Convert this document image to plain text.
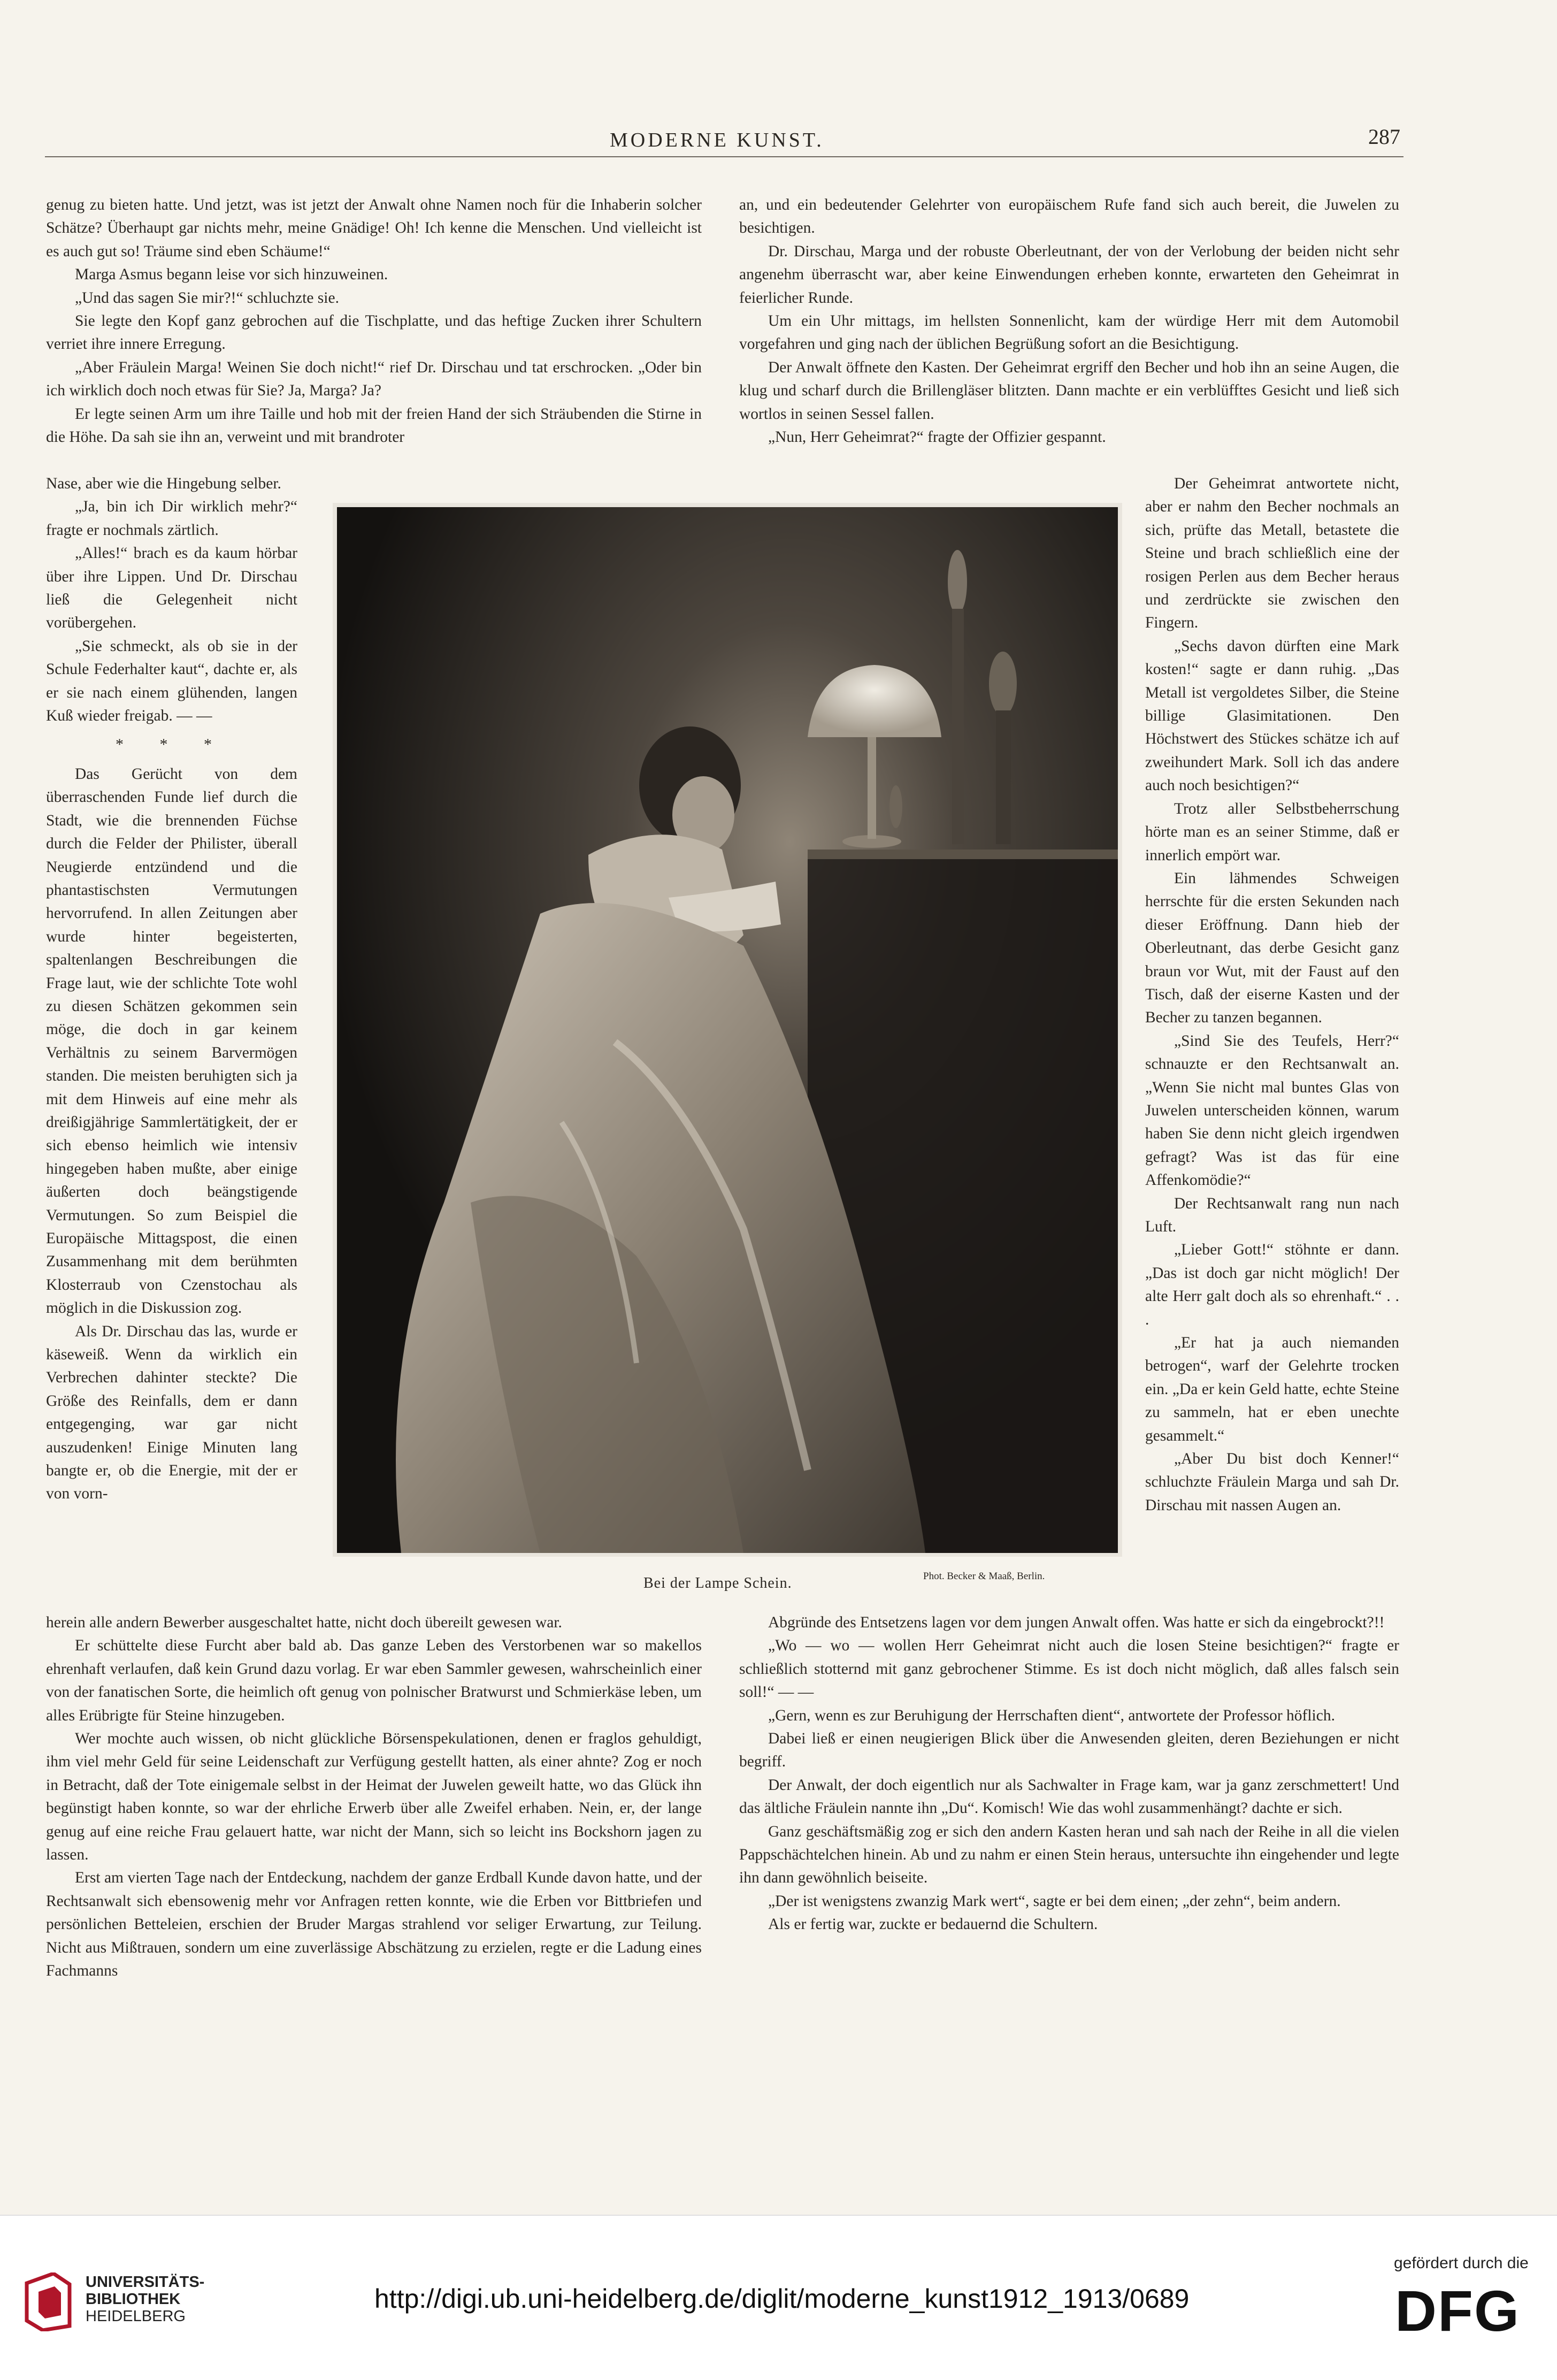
MODERNE KUNST.	287

genug zu bieten hatte. Und jetzt, was ist jetzt der Anwalt ohne Namen noch für die Inhaberin solcher Schätze? Überhaupt gar nichts mehr, meine Gnädige! Oh! Ich kenne die Menschen. Und vielleicht ist es auch gut so! Träume sind eben Schäume!“

Marga Asmus begann leise vor sich hinzuweinen.

„Und das sagen Sie mir?!“ schluchzte sie.

Sie legte den Kopf ganz gebrochen auf die Tischplatte, und das heftige Zucken ihrer Schultern verriet ihre innere Erregung.

„Aber Fräulein Marga! Weinen Sie doch nicht!“ rief Dr. Dirschau und tat erschrocken. „Oder bin ich wirklich doch noch etwas für Sie? Ja, Marga? Ja?

Er legte seinen Arm um ihre Taille und hob mit der freien Hand der sich Sträubenden die Stirne in die Höhe. Da sah sie ihn an, verweint und mit brandroter

Nase, aber wie die Hingebung selber.

„Ja, bin ich Dir wirklich mehr?“ fragte er nochmals zärtlich.

„Alles!“ brach es da kaum hörbar über ihre Lippen. Und Dr. Dirschau ließ die Gelegenheit nicht vorübergehen.

„Sie schmeckt, als ob sie in der Schule Federhalter kaut“, dachte er, als er sie nach einem glühenden, langen Kuß wieder freigab. — —

* * *

Das Gerücht von dem überraschenden Funde lief durch die Stadt, wie die brennenden Füchse durch die Felder der Philister, überall Neugierde entzündend und die phantastischsten Vermutungen hervorrufend. In allen Zeitungen aber wurde hinter begeisterten, spaltenlangen Beschreibungen die Frage laut, wie der schlichte Tote wohl zu diesen Schätzen gekommen sein möge, die doch in gar keinem Verhältnis zu seinem Barvermögen standen. Die meisten beruhigten sich ja mit dem Hinweis auf eine mehr als dreißigjährige Sammlertätigkeit, der er sich ebenso heimlich wie intensiv hingegeben haben mußte, aber einige äußerten doch beängstigende Vermutungen. So zum Beispiel die Europäische Mittagspost, die einen Zusammenhang mit dem berühmten Klosterraub von Czenstochau als möglich in die Diskussion zog.

Als Dr. Dirschau das las, wurde er käseweiß. Wenn da wirklich ein Verbrechen dahinter steckte? Die Größe des Reinfalls, dem er dann entgegenging, war gar nicht auszudenken! Einige Minuten lang bangte er, ob die Energie, mit der er von vorn-

herein alle andern Bewerber ausgeschaltet hatte, nicht doch übereilt gewesen war.

Er schüttelte diese Furcht aber bald ab. Das ganze Leben des Verstorbenen war so makellos ehrenhaft verlaufen, daß kein Grund dazu vorlag. Er war eben Sammler gewesen, wahrscheinlich einer von der fanatischen Sorte, die heimlich oft genug von polnischer Bratwurst und Schmierkäse leben, um alles Erübrigte für Steine hinzugeben.

Wer mochte auch wissen, ob nicht glückliche Börsenspekulationen, denen er fraglos gehuldigt, ihm viel mehr Geld für seine Leidenschaft zur Verfügung gestellt hatten, als einer ahnte? Zog er noch in Betracht, daß der Tote einigemale selbst in der Heimat der Juwelen geweilt hatte, wo das Glück ihn begünstigt haben konnte, so war der ehrliche Erwerb über alle Zweifel erhaben. Nein, er, der lange genug auf eine reiche Frau gelauert hatte, war nicht der Mann, sich so leicht ins Bockshorn jagen zu lassen.

Erst am vierten Tage nach der Entdeckung, nachdem der ganze Erdball Kunde davon hatte, und der Rechtsanwalt sich ebensowenig mehr vor Anfragen retten konnte, wie die Erben vor Bittbriefen und persönlichen Betteleien, erschien der Bruder Margas strahlend vor seliger Erwartung, zur Teilung. Nicht aus Mißtrauen, sondern um eine zuverlässige Abschätzung zu erzielen, regte er die Ladung eines Fachmanns

an, und ein bedeutender Gelehrter von europäischem Rufe fand sich auch bereit, die Juwelen zu besichtigen.

Dr. Dirschau, Marga und der robuste Oberleutnant, der von der Verlobung der beiden nicht sehr angenehm überrascht war, aber keine Einwendungen erheben konnte, erwarteten den Geheimrat in feierlicher Runde.

Um ein Uhr mittags, im hellsten Sonnenlicht, kam der würdige Herr mit dem Automobil vorgefahren und ging nach der üblichen Begrüßung sofort an die Besichtigung.

Der Anwalt öffnete den Kasten. Der Geheimrat ergriff den Becher und hob ihn an seine Augen, die klug und scharf durch die Brillengläser blitzten. Dann machte er ein verblüfftes Gesicht und ließ sich wortlos in seinen Sessel fallen.

„Nun, Herr Geheimrat?“ fragte der Offizier gespannt.

Der Geheimrat antwortete nicht, aber er nahm den Becher nochmals an sich, prüfte das Metall, betastete die Steine und brach schließlich eine der rosigen Perlen aus dem Becher heraus und zerdrückte sie zwischen den Fingern.

„Sechs davon dürften eine Mark kosten!“ sagte er dann ruhig. „Das Metall ist vergoldetes Silber, die Steine billige Glasimitationen. Den Höchstwert des Stückes schätze ich auf zweihundert Mark. Soll ich das andere auch noch besichtigen?“

Trotz aller Selbstbeherrschung hörte man es an seiner Stimme, daß er innerlich empört war.

Ein lähmendes Schweigen herrschte für die ersten Sekunden nach dieser Eröffnung. Dann hieb der Oberleutnant, das derbe Gesicht ganz braun vor Wut, mit der Faust auf den Tisch, daß der eiserne Kasten und der Becher zu tanzen begannen.

„Sind Sie des Teufels, Herr?“ schnauzte er den Rechtsanwalt an. „Wenn Sie nicht mal buntes Glas von Juwelen unterscheiden können, warum haben Sie denn nicht gleich irgendwen gefragt? Was ist das für eine Affenkomödie?“

Der Rechtsanwalt rang nun nach Luft.

„Lieber Gott!“ stöhnte er dann. „Das ist doch gar nicht möglich! Der alte Herr galt doch als so ehrenhaft.“ . . .

„Er hat ja auch niemanden betrogen“, warf der Gelehrte trocken ein. „Da er kein Geld hatte, echte Steine zu sammeln, hat er eben unechte gesammelt.“

„Aber Du bist doch Kenner!“ schluchzte Fräulein Marga und sah Dr. Dirschau mit nassen Augen an.

Abgründe des Entsetzens lagen vor dem jungen Anwalt offen. Was hatte er sich da eingebrockt?!!

„Wo — wo — wollen Herr Geheimrat nicht auch die losen Steine besichtigen?“ fragte er schließlich stotternd mit ganz gebrochener Stimme. Es ist doch nicht möglich, daß alles falsch sein soll!“ — —

„Gern, wenn es zur Beruhigung der Herrschaften dient“, antwortete der Professor höflich.

Dabei ließ er einen neugierigen Blick über die Anwesenden gleiten, deren Beziehungen er nicht begriff.

Der Anwalt, der doch eigentlich nur als Sachwalter in Frage kam, war ja ganz zerschmettert! Und das ältliche Fräulein nannte ihn „Du“. Komisch! Wie das wohl zusammenhängt? dachte er sich.

Ganz geschäftsmäßig zog er sich den andern Kasten heran und sah nach der Reihe in all die vielen Pappschächtelchen hinein. Ab und zu nahm er einen Stein heraus, untersuchte ihn eingehender und legte ihn dann gewöhnlich beiseite.

„Der ist wenigstens zwanzig Mark wert“, sagte er bei dem einen; „der zehn“, beim andern.

Als er fertig war, zuckte er bedauernd die Schultern.

Bei der Lampe Schein.	Phot. Becker & Maaß, Berlin.
UNIVERSITÄTS-
BIBLIOTHEK
HEIDELBERG
http://digi.ub.uni-heidelberg.de/diglit/moderne_kunst1912_1913/0689
gefördert durch die
DFG
